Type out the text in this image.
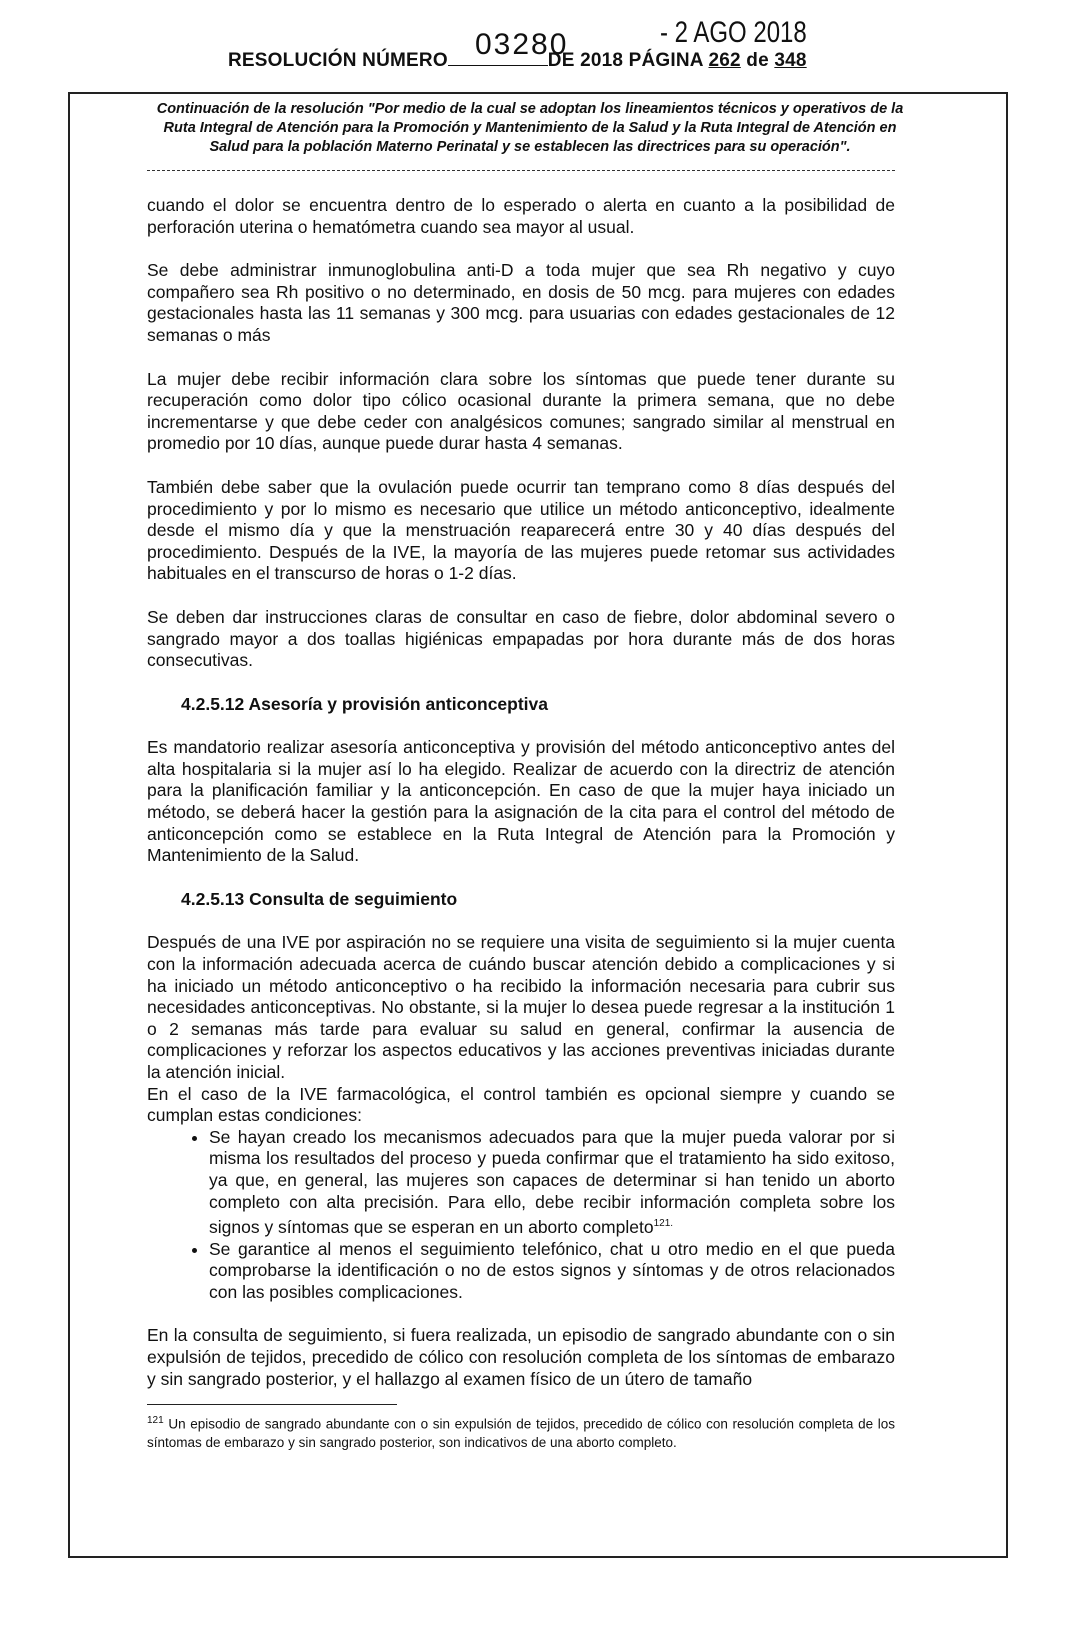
- 2 AGO 2018
03280
RESOLUCIÓN NÚMERO	DE 2018 PÁGINA 262 de 348
Continuación de la resolución "Por medio de la cual se adoptan los lineamientos técnicos y operativos de la Ruta Integral de Atención para la Promoción y Mantenimiento de la Salud y la Ruta Integral de Atención en Salud para la población Materno Perinatal y se establecen las directrices para su operación".

cuando el dolor se encuentra dentro de lo esperado o alerta en cuanto a la posibilidad de perforación uterina o hematómetra cuando sea mayor al usual.

Se debe administrar inmunoglobulina anti-D a toda mujer que sea Rh negativo y cuyo compañero sea Rh positivo o no determinado, en dosis de 50 mcg. para mujeres con edades gestacionales hasta las 11 semanas y 300 mcg. para usuarias con edades gestacionales de 12 semanas o más

La mujer debe recibir información clara sobre los síntomas que puede tener durante su recuperación como dolor tipo cólico ocasional durante la primera semana, que no debe incrementarse y que debe ceder con analgésicos comunes; sangrado similar al menstrual en promedio por 10 días, aunque puede durar hasta 4 semanas.

También debe saber que la ovulación puede ocurrir tan temprano como 8 días después del procedimiento y por lo mismo es necesario que utilice un método anticonceptivo, idealmente desde el mismo día y que la menstruación reaparecerá entre 30 y 40 días después del procedimiento. Después de la IVE, la mayoría de las mujeres puede retomar sus actividades habituales en el transcurso de horas o 1-2 días.

Se deben dar instrucciones claras de consultar en caso de fiebre, dolor abdominal severo o sangrado mayor a dos toallas higiénicas empapadas por hora durante más de dos horas consecutivas.

4.2.5.12 Asesoría y provisión anticonceptiva

Es mandatorio realizar asesoría anticonceptiva y provisión del método anticonceptivo antes del alta hospitalaria si la mujer así lo ha elegido. Realizar de acuerdo con la directriz de atención para la planificación familiar y la anticoncepción. En caso de que la mujer haya iniciado un método, se deberá hacer la gestión para la asignación de la cita para el control del método de anticoncepción como se establece en la Ruta Integral de Atención para la Promoción y Mantenimiento de la Salud.

4.2.5.13 Consulta de seguimiento

Después de una IVE por aspiración no se requiere una visita de seguimiento si la mujer cuenta con la información adecuada acerca de cuándo buscar atención debido a complicaciones y si ha iniciado un método anticonceptivo o ha recibido la información necesaria para cubrir sus necesidades anticonceptivas. No obstante, si la mujer lo desea puede regresar a la institución 1 o 2 semanas más tarde para evaluar su salud en general, confirmar la ausencia de complicaciones y reforzar los aspectos educativos y las acciones preventivas iniciadas durante la atención inicial.

En el caso de la IVE farmacológica, el control también es opcional siempre y cuando se cumplan estas condiciones:

• Se hayan creado los mecanismos adecuados para que la mujer pueda valorar por si misma los resultados del proceso y pueda confirmar que el tratamiento ha sido exitoso, ya que, en general, las mujeres son capaces de determinar si han tenido un aborto completo con alta precisión. Para ello, debe recibir información completa sobre los signos y síntomas que se esperan en un aborto completo$^{121.}$
• Se garantice al menos el seguimiento telefónico, chat u otro medio en el que pueda comprobarse la identificación o no de estos signos y síntomas y de otros relacionados con las posibles complicaciones.

En la consulta de seguimiento, si fuera realizada, un episodio de sangrado abundante con o sin expulsión de tejidos, precedido de cólico con resolución completa de los síntomas de embarazo y sin sangrado posterior, y el hallazgo al examen físico de un útero de tamaño

$^{121}$ Un episodio de sangrado abundante con o sin expulsión de tejidos, precedido de cólico con resolución completa de los síntomas de embarazo y sin sangrado posterior, son indicativos de una aborto completo.
